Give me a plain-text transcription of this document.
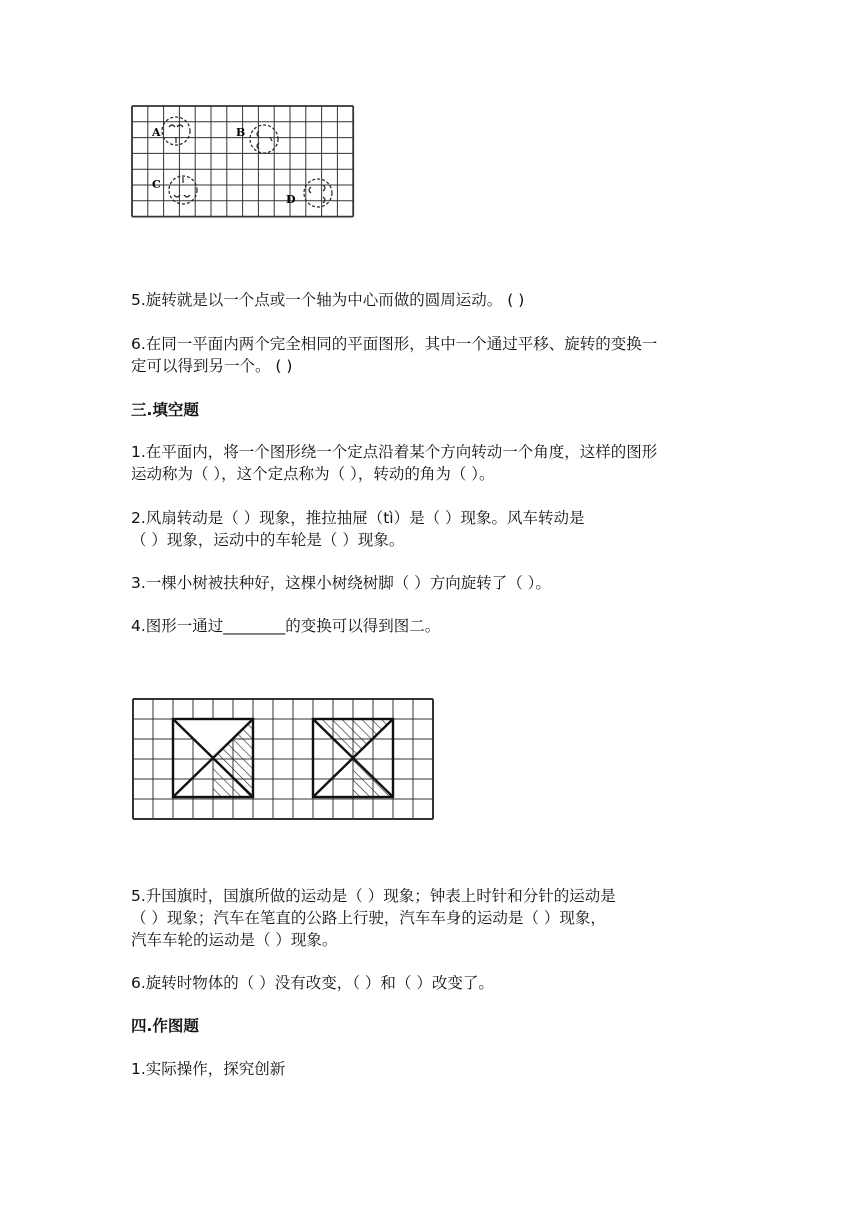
A	B
C
D
5.旋转就是以一个点或一个轴为中心而做的圆周运动。 ( )
6.在同一平面内两个完全相同的平面图形，其中一个通过平移、旋转的变换一
定可以得到另一个。 ( )
三.填空题
1.在平面内，将一个图形绕一个定点沿着某个方向转动一个角度，这样的图形
运动称为（ ），这个定点称为（ ），转动的角为（ ）。
2.风扇转动是（ ）现象，推拉抽屉（tì）是（ ）现象。风车转动是
（ ）现象，运动中的车轮是（ ）现象。
3.一棵小树被扶种好，这棵小树绕树脚（ ）方向旋转了（ ）。
4.图形一通过________的变换可以得到图二。
5.升国旗时，国旗所做的运动是（ ）现象；钟表上时针和分针的运动是
（ ）现象；汽车在笔直的公路上行驶，汽车车身的运动是（ ）现象，
汽车车轮的运动是（ ）现象。
6.旋转时物体的（ ）没有改变，（ ）和（ ）改变了。
四.作图题
1.实际操作，探究创新
